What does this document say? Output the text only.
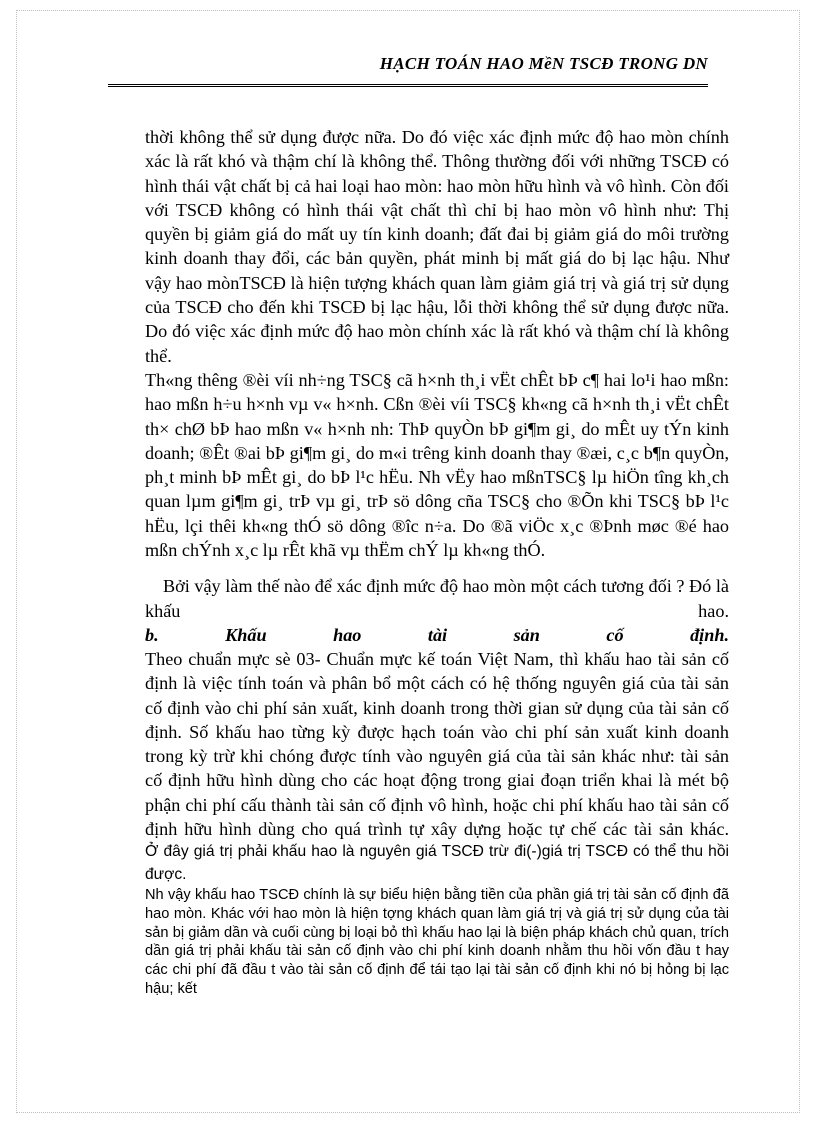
HẠCH TOÁN HAO MềN TSCĐ TRONG DN

thời không thể sử dụng được nữa. Do đó việc xác định mức độ hao mòn chính xác là rất khó và thậm chí là không thể. Thông thường đối với những TSCĐ có hình thái vật chất bị cả hai loại hao mòn: hao mòn hữu hình và vô hình. Còn đối với TSCĐ không có hình thái vật chất thì chỉ bị hao mòn vô hình như: Thị quyền bị giảm giá do mất uy tín kinh doanh; đất đai bị giảm giá do môi trường kinh doanh thay đổi, các bản quyền, phát minh bị mất giá do bị lạc hậu. Như vậy hao mònTSCĐ là hiện tượng khách quan làm giảm giá trị và giá trị sử dụng của TSCĐ cho đến khi TSCĐ bị lạc hậu, lỗi thời không thể sử dụng được nữa. Do đó việc xác định mức độ hao mòn chính xác là rất khó và thậm chí là không thể.

Th«ng thêng ®èi víi nh÷ng TSC§ cã h×nh th¸i vËt chÊt bÞ c¶ hai lo¹i hao mßn: hao mßn h÷u h×nh vµ v« h×nh. Cßn ®èi víi TSC§ kh«ng cã h×nh th¸i vËt chÊt th× chØ bÞ hao mßn v« h×nh nh: ThÞ quyÒn bÞ gi¶m gi¸ do mÊt uy tÝn kinh doanh; ®Êt ®ai bÞ gi¶m gi¸ do m«i trêng kinh doanh thay ®æi, c¸c b¶n quyÒn, ph¸t minh bÞ mÊt gi¸ do bÞ l¹c hËu. Nh vËy hao mßnTSC§ lµ hiÖn tîng kh¸ch quan lµm gi¶m gi¸ trÞ vµ gi¸ trÞ sö dông cña TSC§ cho ®Õn khi TSC§ bÞ l¹c hËu, lçi thêi kh«ng thÓ sö dông ®îc n÷a. Do ®ã viÖc x¸c ®Þnh møc ®é hao mßn chÝnh x¸c lµ rÊt khã vµ thËm chÝ lµ kh«ng thÓ.

Bởi vậy làm thế nào để xác định mức độ hao mòn một cách tương đối ? Đó là khấu hao.

b. Khấu hao tài sản cố định.

Theo chuẩn mực sè 03- Chuẩn mực kế toán Việt Nam, thì khấu hao tài sản cố định là việc tính toán và phân bổ một cách có hệ thống nguyên giá của tài sản cố định vào chi phí sản xuất, kinh doanh trong thời gian sử dụng của tài sản cố định. Số khấu hao từng kỳ được hạch toán vào chi phí sản xuất kinh doanh trong kỳ trừ khi chóng được tính vào nguyên giá của tài sản khác như: tài sản cố định hữu hình dùng cho các hoạt động trong giai đoạn triển khai là mét bộ phận chi phí cấu thành tài sản cố định vô hình, hoặc chi phí khấu hao tài sản cố định hữu hình dùng cho quá trình tự xây dựng hoặc tự chế các tài sản khác.

Ở đây giá trị phải khấu hao là nguyên giá TSCĐ trừ đi(-)giá trị TSCĐ có thể thu hồi được.

Nh vậy khấu hao TSCĐ chính là sự biểu hiện bằng tiền của phần giá trị tài sản cố định đã hao mòn. Khác với hao mòn là hiện tợng khách quan làm giá trị và giá trị sử dụng của tài sản bị giảm dần và cuối cùng bị loại bỏ thì khấu hao lại là biện pháp khách chủ quan, trích dần giá trị phải khấu tài sản cố định vào chi phí kinh doanh nhằm thu hồi vốn đầu t hay các chi phí đã đầu t vào tài sản cố định để tái tạo lại tài sản cố định khi nó bị hỏng bị lạc hậu; kết
